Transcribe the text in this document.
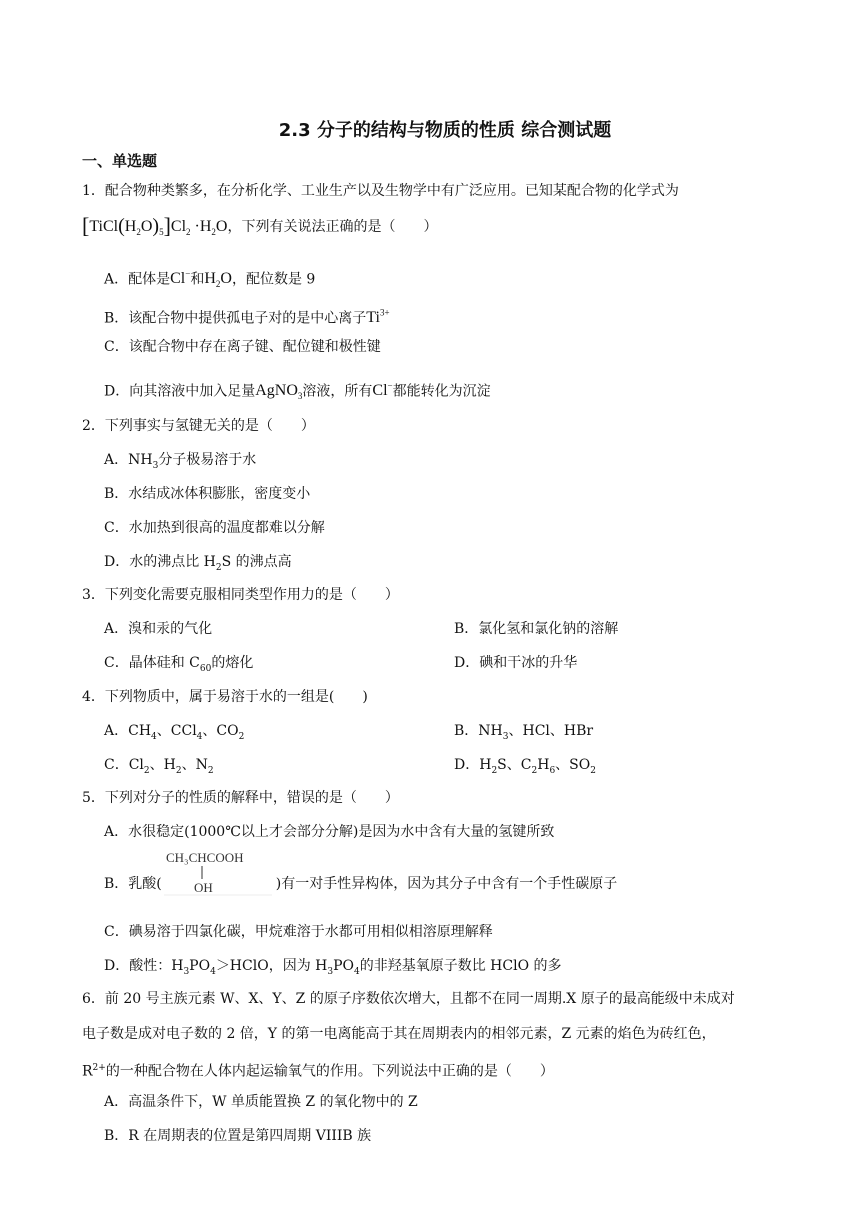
2.3 分子的结构与物质的性质 综合测试题
一、单选题
1．配合物种类繁多，在分析化学、工业生产以及生物学中有广泛应用。已知某配合物的化学式为
$[TiCl(H_2O)_5]Cl_2 \cdot H_2O$，下列有关说法正确的是（　　）
A．配体是Cl−和$H_2O$，配位数是 9
B．该配合物中提供孤电子对的是中心离子$Ti^{3+}$
C．该配合物中存在离子键、配位键和极性键
D．向其溶液中加入足量AgNO$_3$溶液，所有Cl−都能转化为沉淀
2．下列事实与氢键无关的是（　　）
A．$NH_3$分子极易溶于水
B．水结成冰体积膨胀，密度变小
C．水加热到很高的温度都难以分解
D．水的沸点比 $H_2S$ 的沸点高
3．下列变化需要克服相同类型作用力的是（　　）
A．溴和汞的气化	B．氯化氢和氯化钠的溶解
C．晶体硅和 $C_{60}$的熔化	D．碘和干冰的升华
4．下列物质中，属于易溶于水的一组是(　　)
A．$CH_4$、CCl$_4$、$CO_2$	B．$NH_3$、HCl、HBr
C．$Cl_2$、$H_2$、$N_2$	D．$H_2S$、$C_2H_6$、$SO_2$
5．下列对分子的性质的解释中，错误的是（　　）
A．水很稳定(1000℃以上才会部分分解)是因为水中含有大量的氢键所致
B．乳酸(
CH₃CHCOOH
OH	)有一对手性异构体，因为其分子中含有一个手性碳原子
C．碘易溶于四氯化碳，甲烷难溶于水都可用相似相溶原理解释
D．酸性：$H_3PO_4>HClO$，因为 $H_3PO_4$的非羟基氧原子数比 HClO 的多
6．前 20 号主族元素 W、X、Y、Z 的原子序数依次增大，且都不在同一周期.X 原子的最高能级中未成对
电子数是成对电子数的 2 倍，Y 的第一电离能高于其在周期表内的相邻元素，Z 元素的焰色为砖红色，
$R^{2+}$的一种配合物在人体内起运输氧气的作用。下列说法中正确的是（　　）
A．高温条件下，W 单质能置换 Z 的氧化物中的 Z
B．R 在周期表的位置是第四周期 VIIIB 族
